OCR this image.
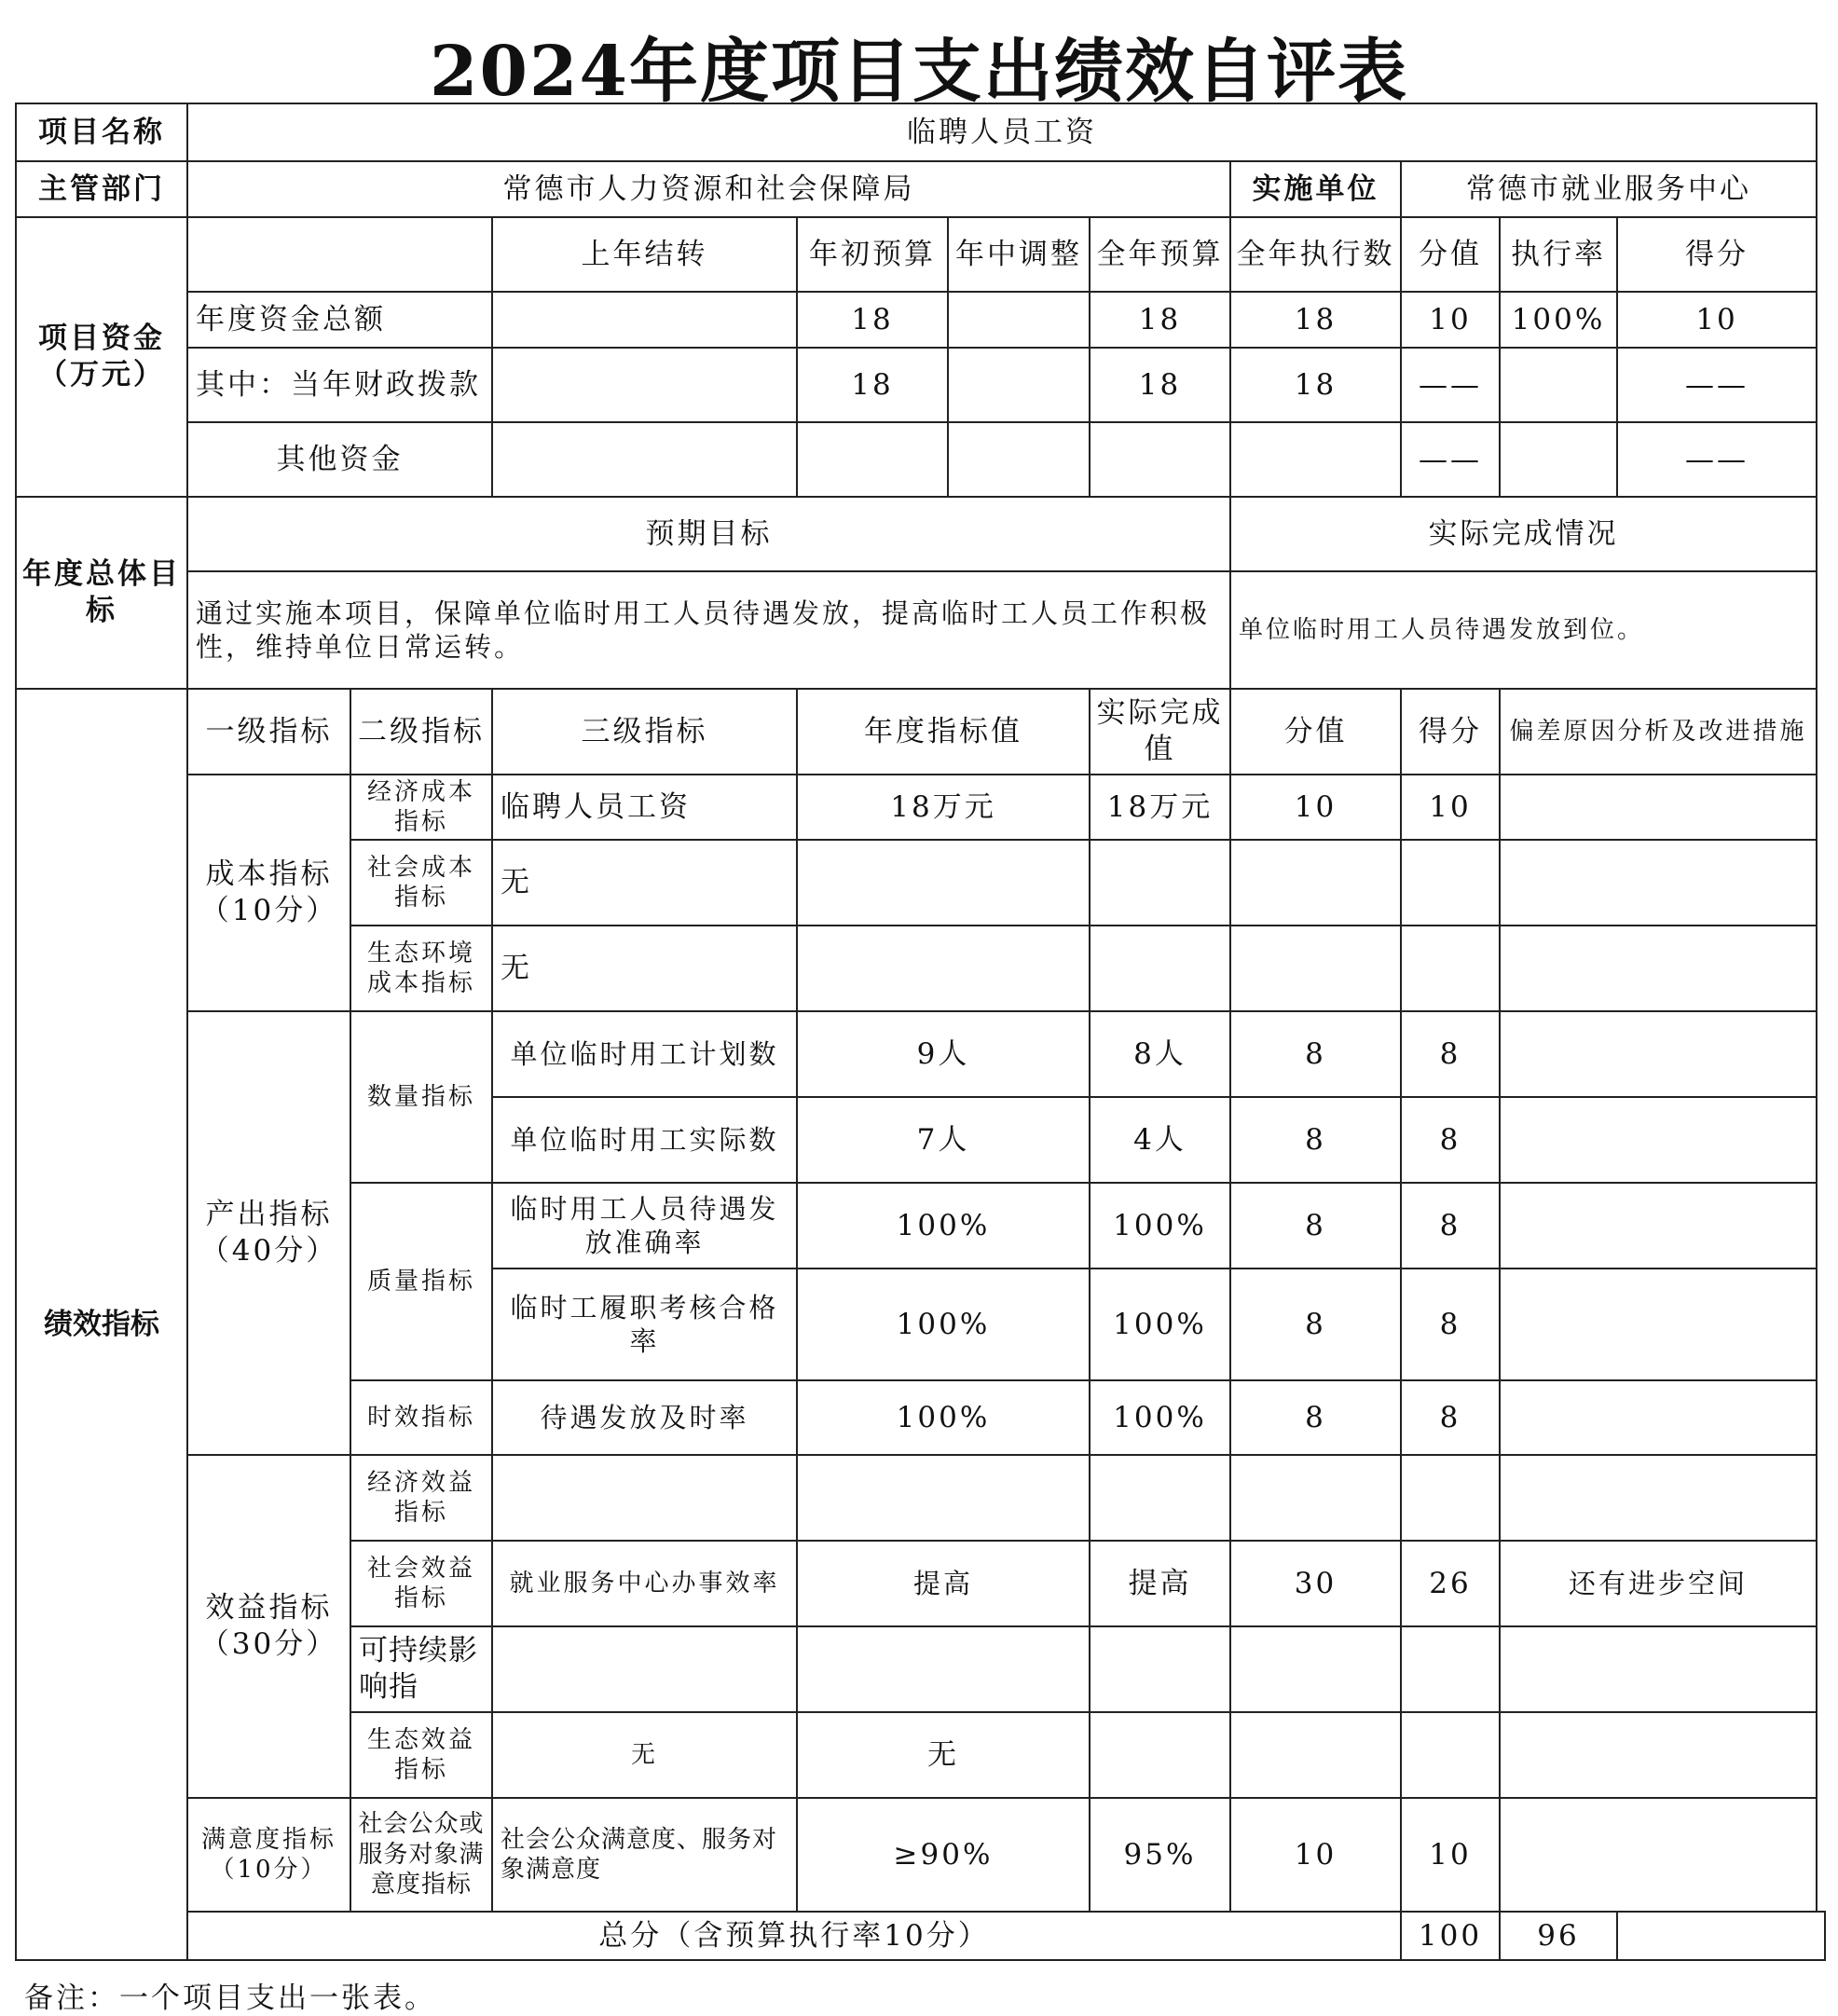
2024年度项目支出绩效自评表
项目名称	临聘人员工资									
主管部门	常德市人力资源和社会保障局						实施单位	常德市就业服务中心		
项目资金（万元）			上年结转	年初预算	年中调整	全年预算	全年执行数	分值	执行率	得分
	年度资金总额			18		18	18	10	100%	10
	其中：当年财政拨款			18		18	18	——		——
	其他资金							——		——
年度总体目标	预期目标						实际完成情况			
	通过实施本项目，保障单位临时用工人员待遇发放，提高临时工人员工作积极性，维持单位日常运转。						单位临时用工人员待遇发放到位。			
绩效指标	一级指标	二级指标	三级指标	年度指标值		实际完成值	分值	得分	偏差原因分析及改进措施	
	成本指标（10分）	经济成本指标	临聘人员工资	18万元		18万元	10	10		
		社会成本指标	无							
		生态环境成本指标	无							
	产出指标（40分）	数量指标	单位临时用工计划数	9人		8人	8	8		
			单位临时用工实际数	7人		4人	8	8		
		质量指标	临时用工人员待遇发放准确率	100%		100%	8	8		
			临时工履职考核合格率	100%		100%	8	8		
		时效指标	待遇发放及时率	100%		100%	8	8		
	效益指标（30分）	经济效益指标								
		社会效益指标	就业服务中心办事效率	提高		提高	30	26	还有进步空间	
		可持续影响指								
		生态效益指标	无	无						
	满意度指标（10分）	社会公众或服务对象满意度指标	社会公众满意度、服务对象满意度	≥90%		95%	10	10		
	总分（含预算执行率10分）							100	96	
备注：一个项目支出一张表。
